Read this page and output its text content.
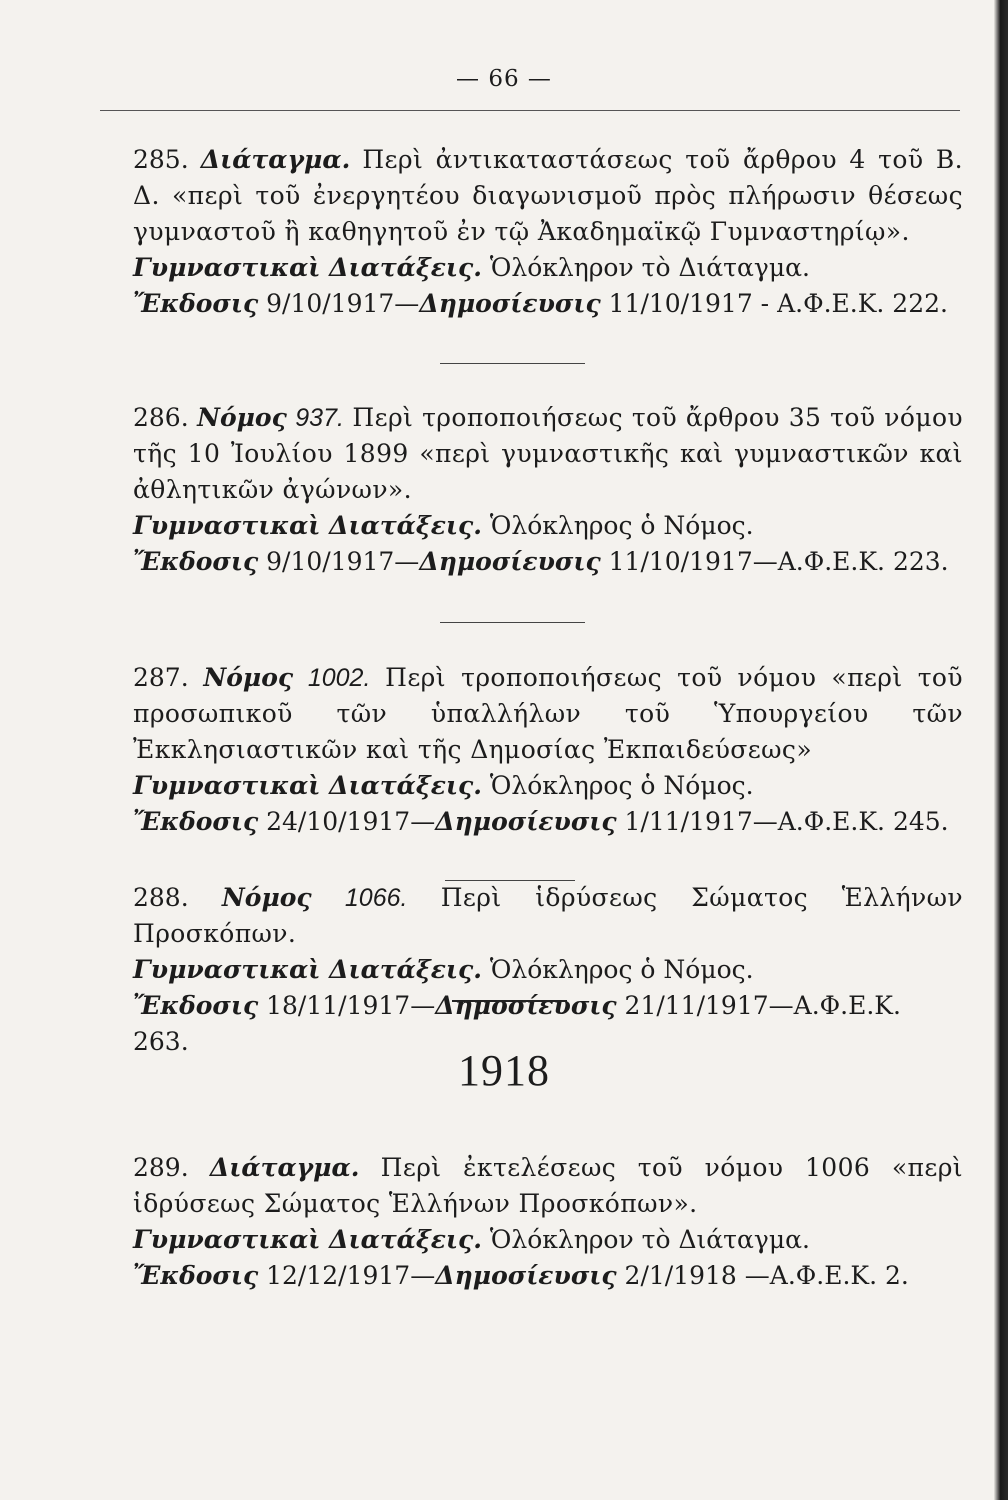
— 66 —

285. Διάταγμα. Περὶ ἀντικαταστάσεως τοῦ ἄρθρου 4 τοῦ Β. Δ. «περὶ τοῦ ἐνεργητέου διαγωνισμοῦ πρὸς πλήρωσιν θέσεως γυμναστοῦ ἢ καθηγητοῦ ἐν τῷ Ἀκαδημαϊκῷ Γυμναστηρίῳ».

Γυμναστικαὶ Διατάξεις. Ὁλόκληρον τὸ Διάταγμα.

Ἔκδοσις 9/10/1917—Δημοσίευσις 11/10/1917 - Α.Φ.Ε.Κ. 222.

286. Νόμος 937. Περὶ τροποποιήσεως τοῦ ἄρθρου 35 τοῦ νόμου τῆς 10 Ἰουλίου 1899 «περὶ γυμναστικῆς καὶ γυμναστικῶν καὶ ἀθλητικῶν ἀγώνων».

Γυμναστικαὶ Διατάξεις. Ὁλόκληρος ὁ Νόμος.

Ἔκδοσις 9/10/1917—Δημοσίευσις 11/10/1917—Α.Φ.Ε.Κ. 223.

287. Νόμος 1002. Περὶ τροποποιήσεως τοῦ νόμου «περὶ τοῦ προσωπικοῦ τῶν ὑπαλλήλων τοῦ Ὑπουργείου τῶν Ἐκκλησιαστικῶν καὶ τῆς Δημοσίας Ἐκπαιδεύσεως»

Γυμναστικαὶ Διατάξεις. Ὁλόκληρος ὁ Νόμος.

Ἔκδοσις 24/10/1917—Δημοσίευσις 1/11/1917—Α.Φ.Ε.Κ. 245.

288. Νόμος 1066. Περὶ ἱδρύσεως Σώματος Ἑλλήνων Προσκόπων.

Γυμναστικαὶ Διατάξεις. Ὁλόκληρος ὁ Νόμος.

Ἔκδοσις 18/11/1917—Δημοσίευσις 21/11/1917—Α.Φ.Ε.Κ. 263.

1918

289. Διάταγμα. Περὶ ἐκτελέσεως τοῦ νόμου 1006 «περὶ ἱδρύσεως Σώματος Ἑλλήνων Προσκόπων».

Γυμναστικαὶ Διατάξεις. Ὁλόκληρον τὸ Διάταγμα.

Ἔκδοσις 12/12/1917—Δημοσίευσις 2/1/1918 —Α.Φ.Ε.Κ. 2.
